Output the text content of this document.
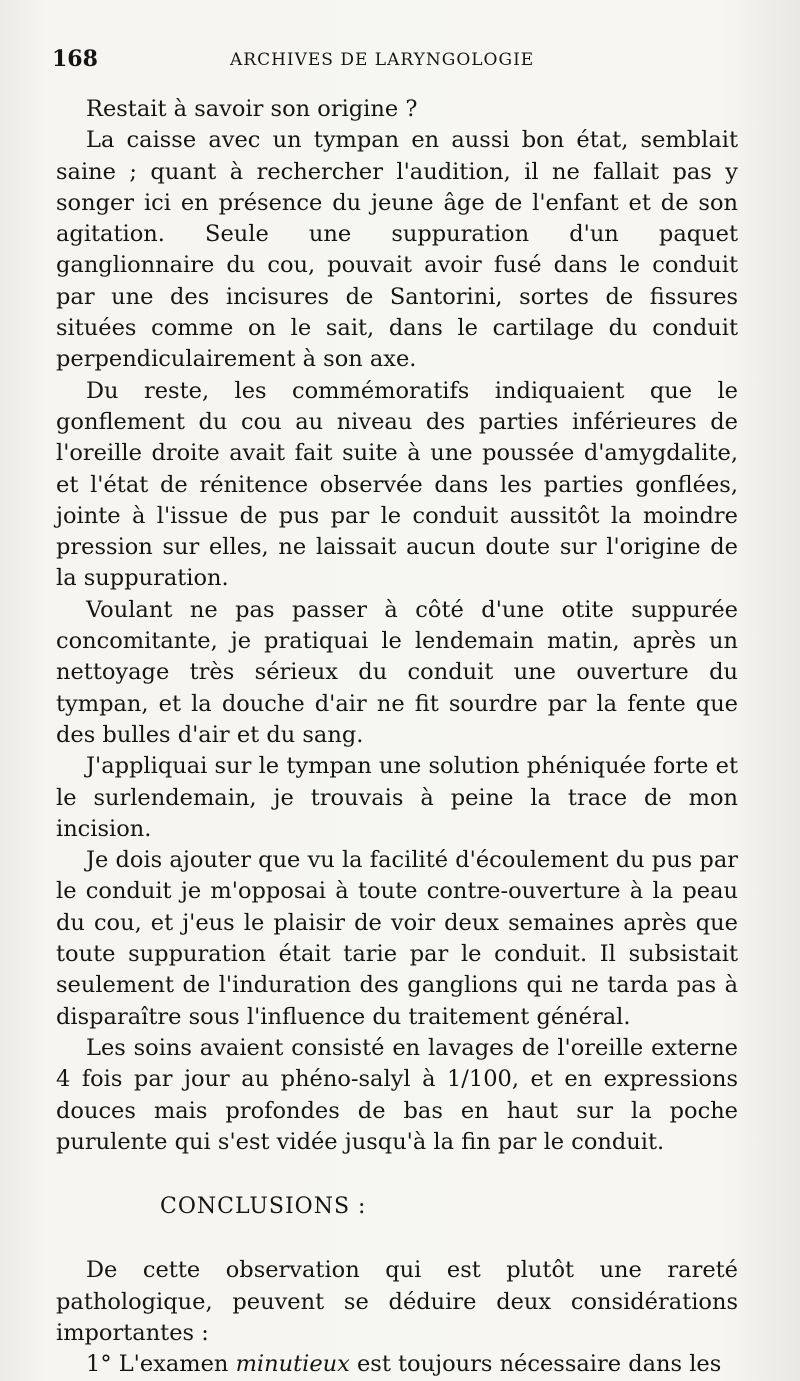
168	ARCHIVES DE LARYNGOLOGIE

Restait à savoir son origine ?

La caisse avec un tympan en aussi bon état, semblait saine ; quant à rechercher l'audition, il ne fallait pas y songer ici en présence du jeune âge de l'enfant et de son agitation. Seule une suppuration d'un paquet ganglionnaire du cou, pouvait avoir fusé dans le conduit par une des incisures de Santorini, sortes de fissures situées comme on le sait, dans le cartilage du conduit perpendiculairement à son axe.

Du reste, les commémoratifs indiquaient que le gonflement du cou au niveau des parties inférieures de l'oreille droite avait fait suite à une poussée d'amygdalite, et l'état de rénitence observée dans les parties gonflées, jointe à l'issue de pus par le conduit aussitôt la moindre pression sur elles, ne laissait aucun doute sur l'origine de la suppuration.

Voulant ne pas passer à côté d'une otite suppurée concomitante, je pratiquai le lendemain matin, après un nettoyage très sérieux du conduit une ouverture du tympan, et la douche d'air ne fit sourdre par la fente que des bulles d'air et du sang.

J'appliquai sur le tympan une solution phéniquée forte et le surlendemain, je trouvais à peine la trace de mon incision.

Je dois ajouter que vu la facilité d'écoulement du pus par le conduit je m'opposai à toute contre-ouverture à la peau du cou, et j'eus le plaisir de voir deux semaines après que toute suppuration était tarie par le conduit. Il subsistait seulement de l'induration des ganglions qui ne tarda pas à disparaître sous l'influence du traitement général.

Les soins avaient consisté en lavages de l'oreille externe 4 fois par jour au phéno-salyl à 1/100, et en expressions douces mais profondes de bas en haut sur la poche purulente qui s'est vidée jusqu'à la fin par le conduit.

CONCLUSIONS :

De cette observation qui est plutôt une rareté pathologique, peuvent se déduire deux considérations importantes :

1° L'examen minutieux est toujours nécessaire dans les
